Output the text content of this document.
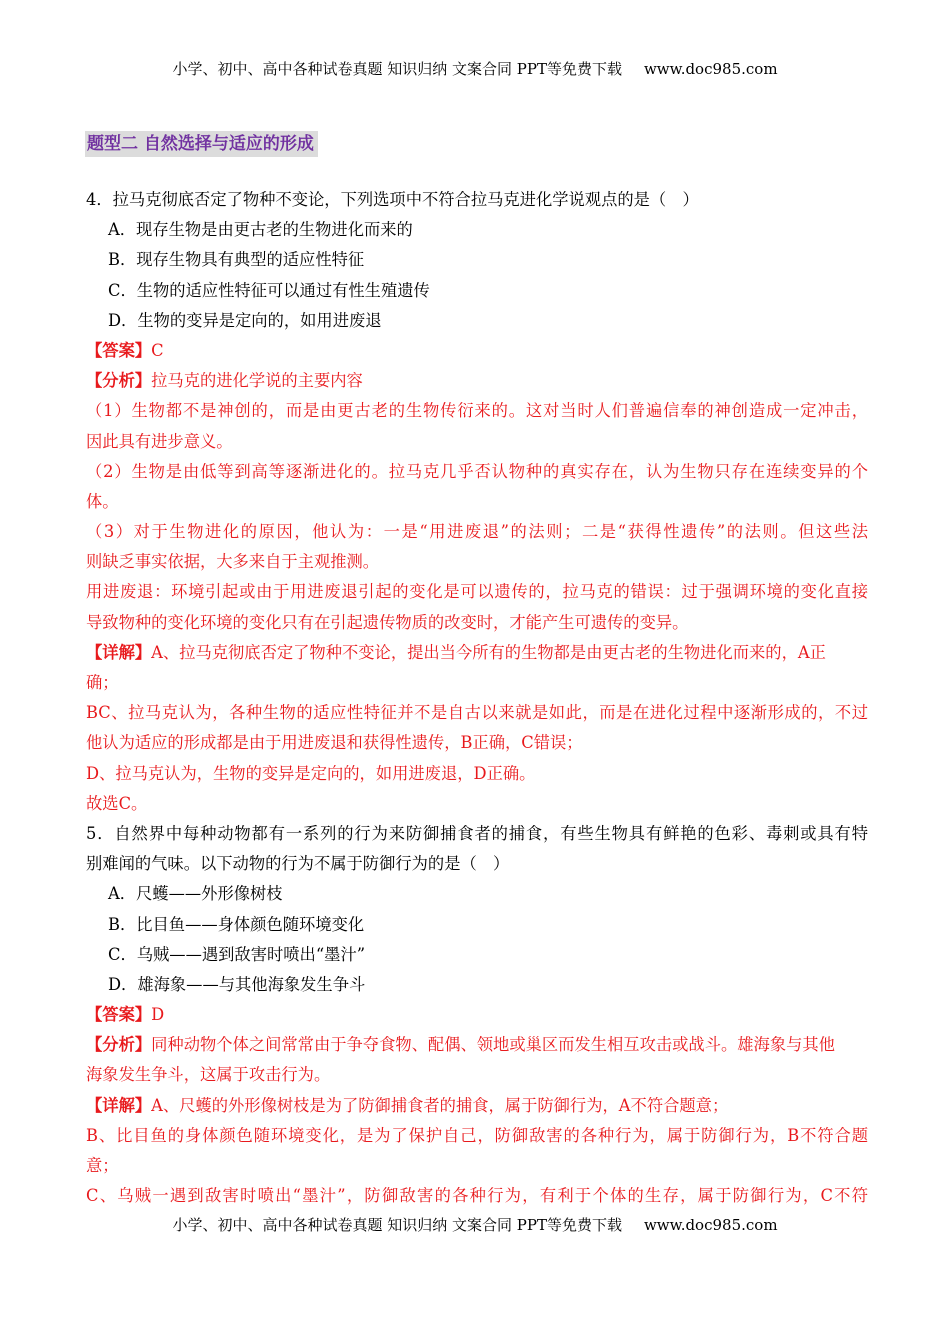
小学、初中、高中各种试卷真题 知识归纳 文案合同 PPT等免费下载 www.doc985.com
题型二 自然选择与适应的形成
4．拉马克彻底否定了物种不变论，下列选项中不符合拉马克进化学说观点的是（　）
A．现存生物是由更古老的生物进化而来的
B．现存生物具有典型的适应性特征
C．生物的适应性特征可以通过有性生殖遗传
D．生物的变异是定向的，如用进废退
【答案】C
【分析】拉马克的进化学说的主要内容
（1）生物都不是神创的，而是由更古老的生物传衍来的。这对当时人们普遍信奉的神创造成一定冲击，
因此具有进步意义。
（2）生物是由低等到高等逐渐进化的。拉马克几乎否认物种的真实存在，认为生物只存在连续变异的个
体。
（3）对于生物进化的原因，他认为：一是“用进废退”的法则；二是“获得性遗传”的法则。但这些法
则缺乏事实依据，大多来自于主观推测。
用进废退：环境引起或由于用进废退引起的变化是可以遗传的，拉马克的错误：过于强调环境的变化直接
导致物种的变化环境的变化只有在引起遗传物质的改变时，才能产生可遗传的变异。
【详解】A、拉马克彻底否定了物种不变论，提出当今所有的生物都是由更古老的生物进化而来的，A正
确；
BC、拉马克认为，各种生物的适应性特征并不是自古以来就是如此，而是在进化过程中逐渐形成的，不过
他认为适应的形成都是由于用进废退和获得性遗传，B正确，C错误；
D、拉马克认为，生物的变异是定向的，如用进废退，D正确。
故选C。
5．自然界中每种动物都有一系列的行为来防御捕食者的捕食，有些生物具有鲜艳的色彩、毒刺或具有特
别难闻的气味。以下动物的行为不属于防御行为的是（　）
A．尺蠖——外形像树枝
B．比目鱼——身体颜色随环境变化
C．乌贼——遇到敌害时喷出“墨汁”
D．雄海象——与其他海象发生争斗
【答案】D
【分析】同种动物个体之间常常由于争夺食物、配偶、领地或巢区而发生相互攻击或战斗。雄海象与其他
海象发生争斗，这属于攻击行为。
【详解】A、尺蠖的外形像树枝是为了防御捕食者的捕食，属于防御行为，A不符合题意；
B、比目鱼的身体颜色随环境变化，是为了保护自己，防御敌害的各种行为，属于防御行为，B不符合题
意；
C、乌贼一遇到敌害时喷出“墨汁”，防御敌害的各种行为，有利于个体的生存，属于防御行为，C不符
小学、初中、高中各种试卷真题 知识归纳 文案合同 PPT等免费下载 www.doc985.com
